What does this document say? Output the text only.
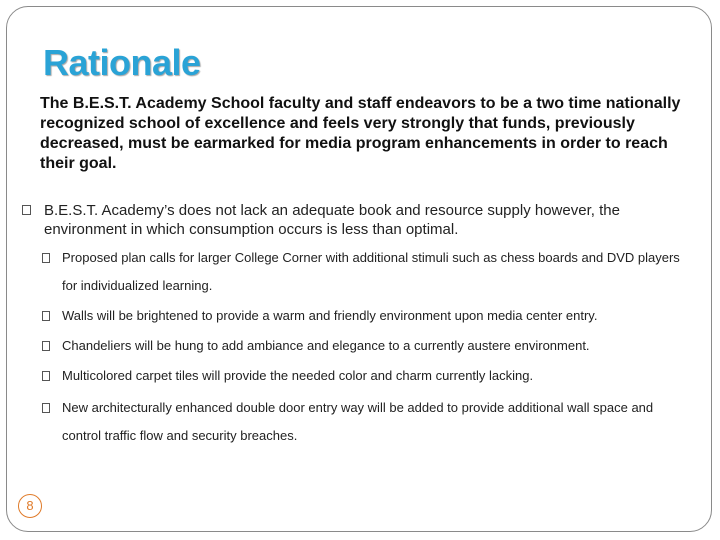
Rationale
The B.E.S.T. Academy School faculty and staff endeavors to be a two time nationally recognized school of excellence and feels very strongly that funds, previously decreased, must be earmarked for media program enhancements in order to reach their goal.
B.E.S.T. Academy’s does not lack an adequate book and resource supply however, the environment in which consumption occurs is less than optimal.
Proposed plan calls for larger College Corner with additional stimuli such as chess boards and DVD players for individualized learning.
Walls will be brightened to provide a warm and friendly environment upon media center entry.
Chandeliers will be hung to add ambiance and elegance to a currently austere environment.
Multicolored carpet tiles will provide the needed color and charm currently lacking.
New architecturally enhanced double door entry way will be added to provide additional wall space and control traffic flow and security breaches.
8
